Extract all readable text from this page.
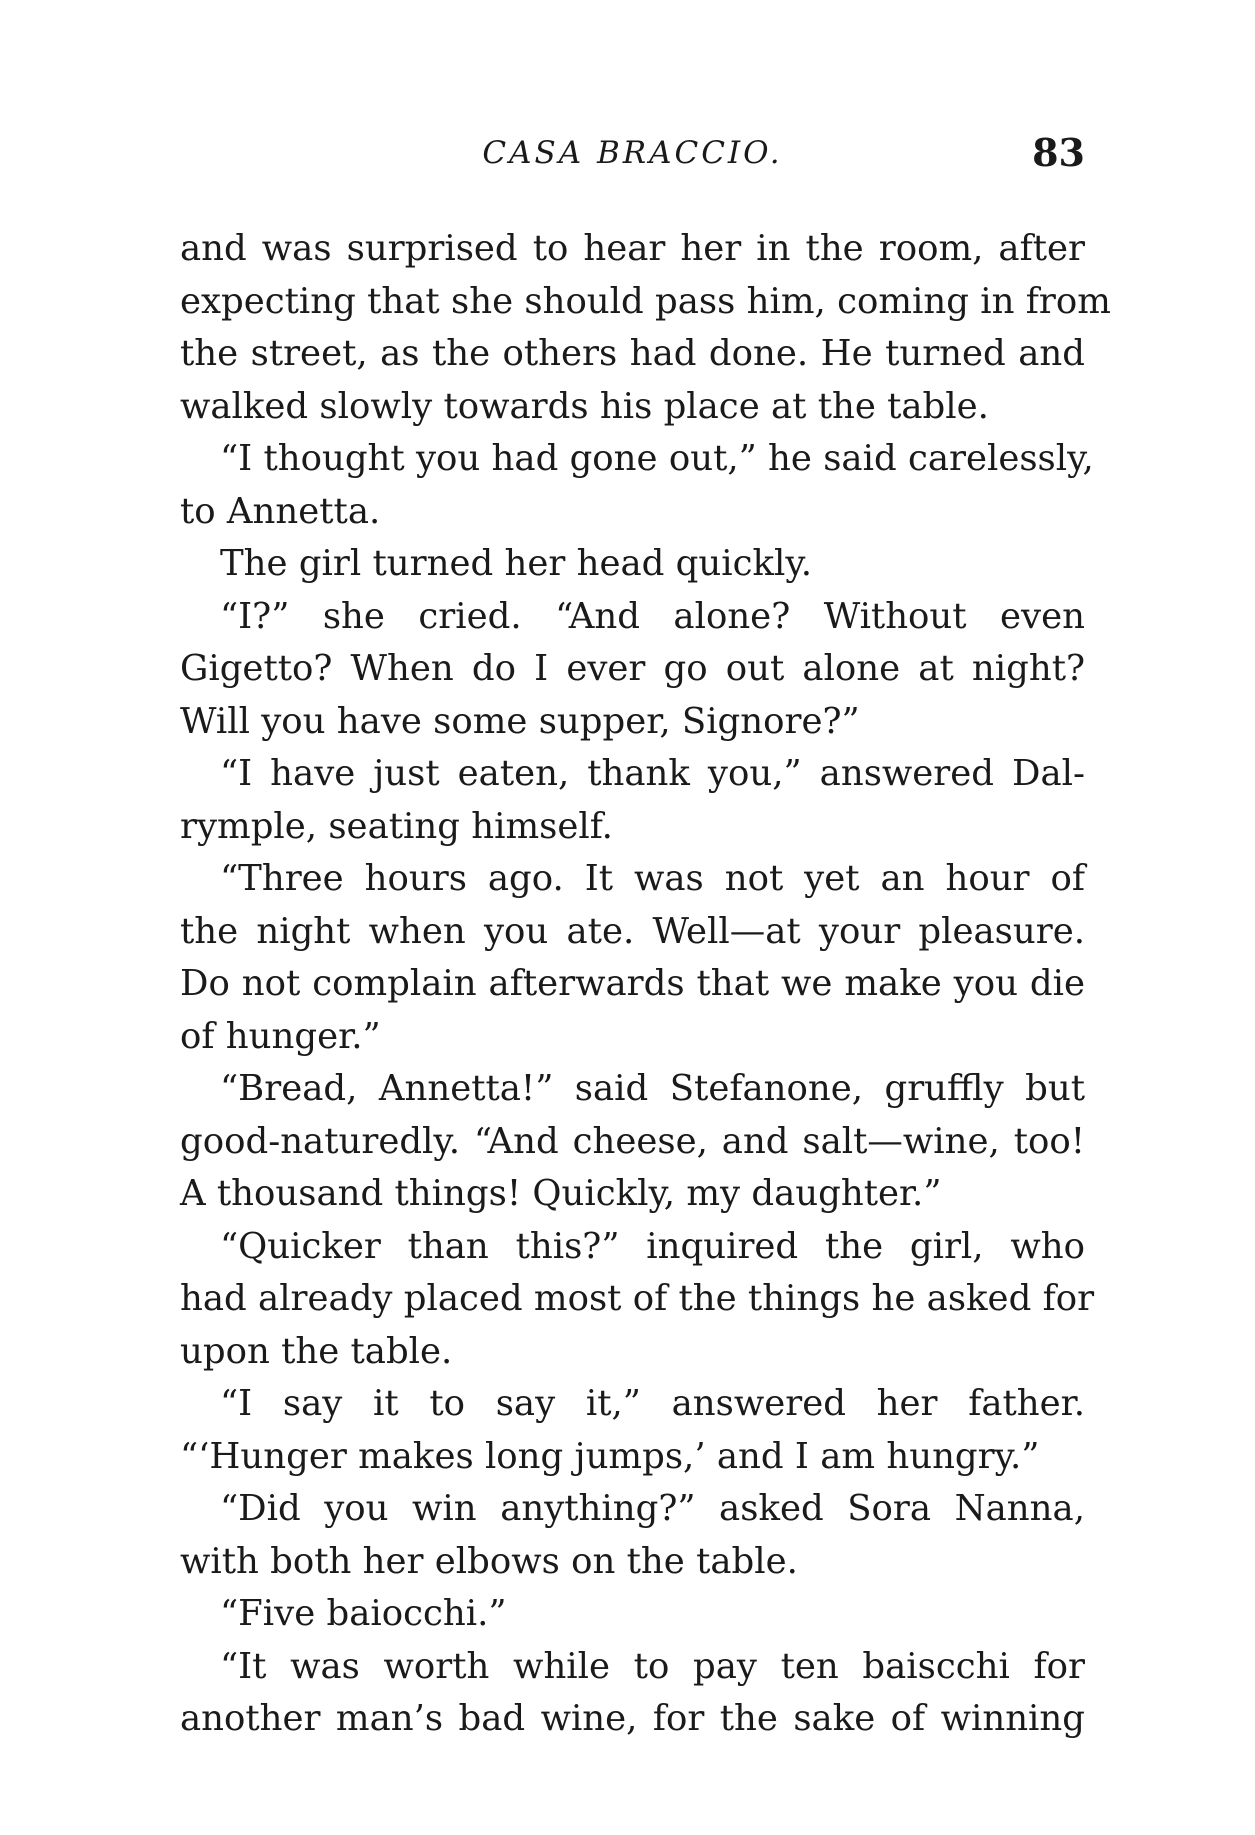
CASA BRACCIO.	83

and was surprised to hear her in the room, after
expecting that she should pass him, coming in from
the street, as the others had done. He turned and
walked slowly towards his place at the table.

“I thought you had gone out,” he said carelessly,
to Annetta.

The girl turned her head quickly.

“I?” she cried. “And alone? Without even
Gigetto? When do I ever go out alone at night?
Will you have some supper, Signore?”

“I have just eaten, thank you,” answered Dal-
rymple, seating himself.

“Three hours ago. It was not yet an hour of
the night when you ate. Well—at your pleasure.
Do not complain afterwards that we make you die
of hunger.”

“Bread, Annetta!” said Stefanone, gruffly but
good-naturedly. “And cheese, and salt—wine, too!
A thousand things! Quickly, my daughter.”

“Quicker than this?” inquired the girl, who
had already placed most of the things he asked for
upon the table.

“I say it to say it,” answered her father.
“‘Hunger makes long jumps,’ and I am hungry.”

“Did you win anything?” asked Sora Nanna,
with both her elbows on the table.

“Five baiocchi.”

“It was worth while to pay ten baiscchi for
another man’s bad wine, for the sake of winning
